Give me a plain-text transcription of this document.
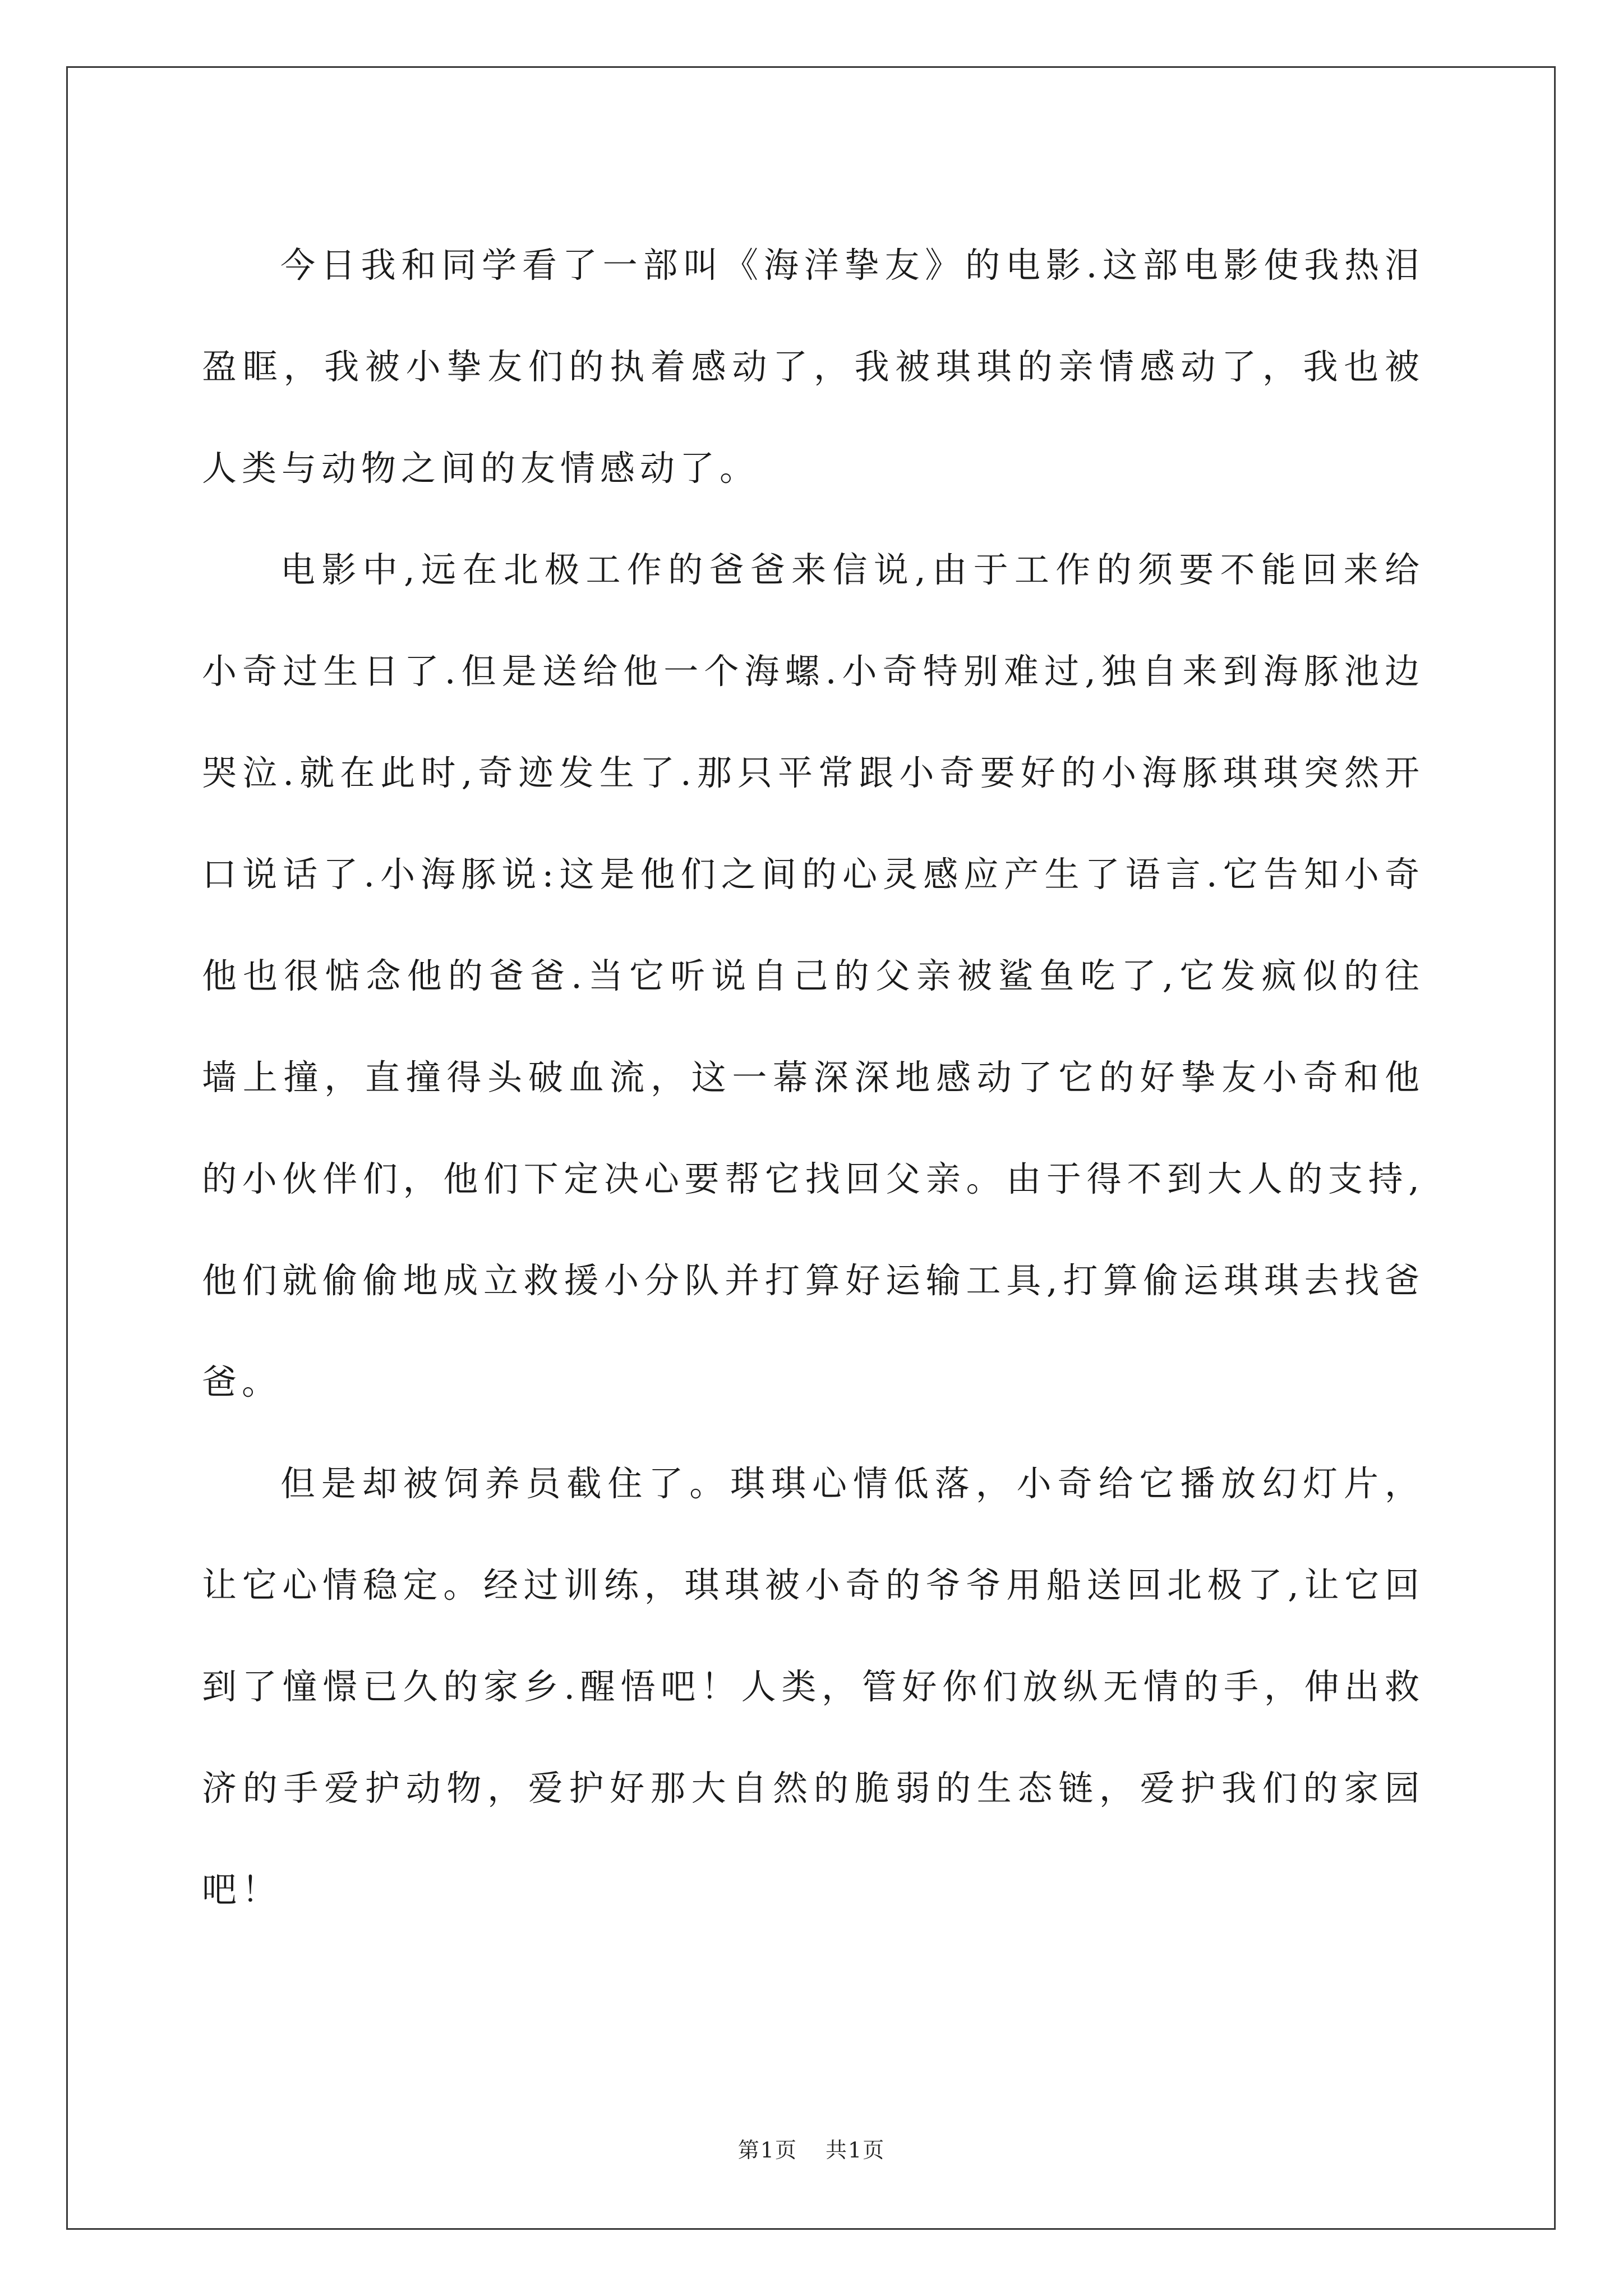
今日我和同学看了一部叫《海洋挚友》的电影.这部电影使我热泪盈眶，我被小挚友们的执着感动了，我被琪琪的亲情感动了，我也被人类与动物之间的友情感动了。

电影中,远在北极工作的爸爸来信说,由于工作的须要不能回来给小奇过生日了.但是送给他一个海螺.小奇特别难过,独自来到海豚池边哭泣.就在此时,奇迹发生了.那只平常跟小奇要好的小海豚琪琪突然开口说话了.小海豚说:这是他们之间的心灵感应产生了语言.它告知小奇他也很惦念他的爸爸.当它听说自己的父亲被鲨鱼吃了,它发疯似的往墙上撞，直撞得头破血流，这一幕深深地感动了它的好挚友小奇和他的小伙伴们，他们下定决心要帮它找回父亲。由于得不到大人的支持,他们就偷偷地成立救援小分队并打算好运输工具,打算偷运琪琪去找爸爸。

但是却被饲养员截住了。琪琪心情低落，小奇给它播放幻灯片，让它心情稳定。经过训练，琪琪被小奇的爷爷用船送回北极了,让它回到了憧憬已久的家乡.醒悟吧！人类，管好你们放纵无情的手，伸出救济的手爱护动物，爱护好那大自然的脆弱的生态链，爱护我们的家园吧！

第1页 共1页
